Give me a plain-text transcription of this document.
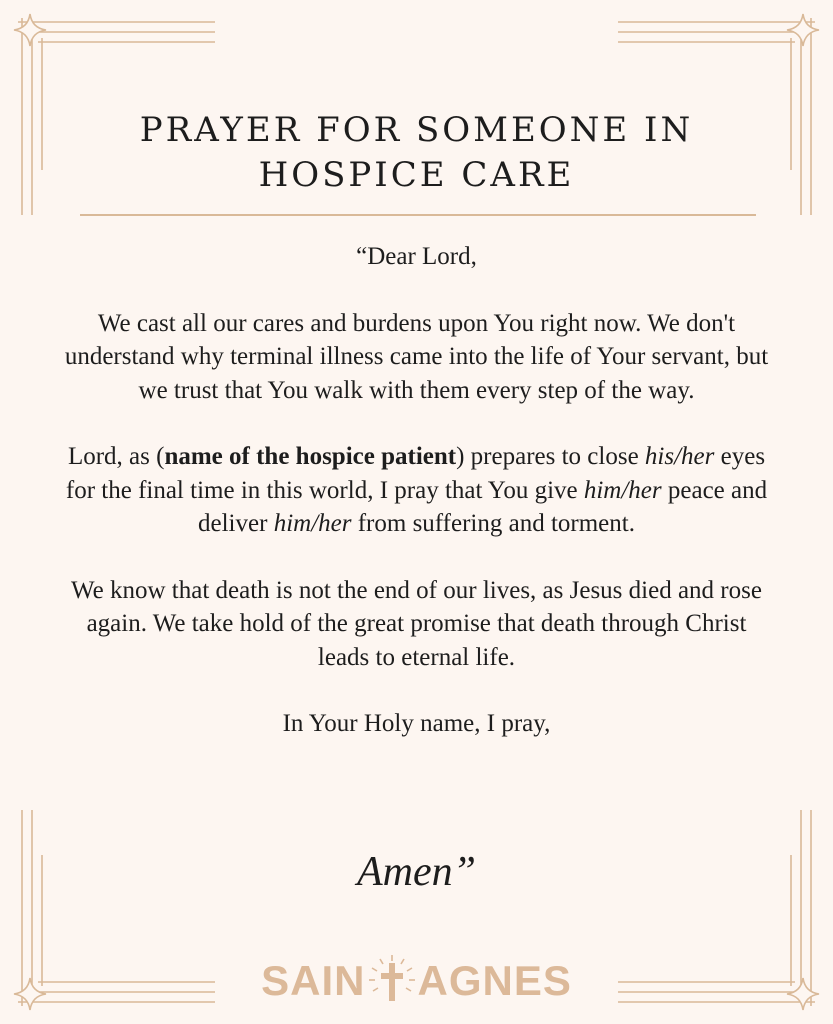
PRAYER FOR SOMEONE IN
HOSPICE CARE

“Dear Lord,

We cast all our cares and burdens upon You right now. We don't understand why terminal illness came into the life of Your servant, but we trust that You walk with them every step of the way.

Lord, as (name of the hospice patient) prepares to close his/her eyes for the final time in this world, I pray that You give him/her peace and deliver him/her from suffering and torment.

We know that death is not the end of our lives, as Jesus died and rose again. We take hold of the great promise that death through Christ leads to eternal life.

In Your Holy name, I pray,

Amen”
SAIN AGNES
